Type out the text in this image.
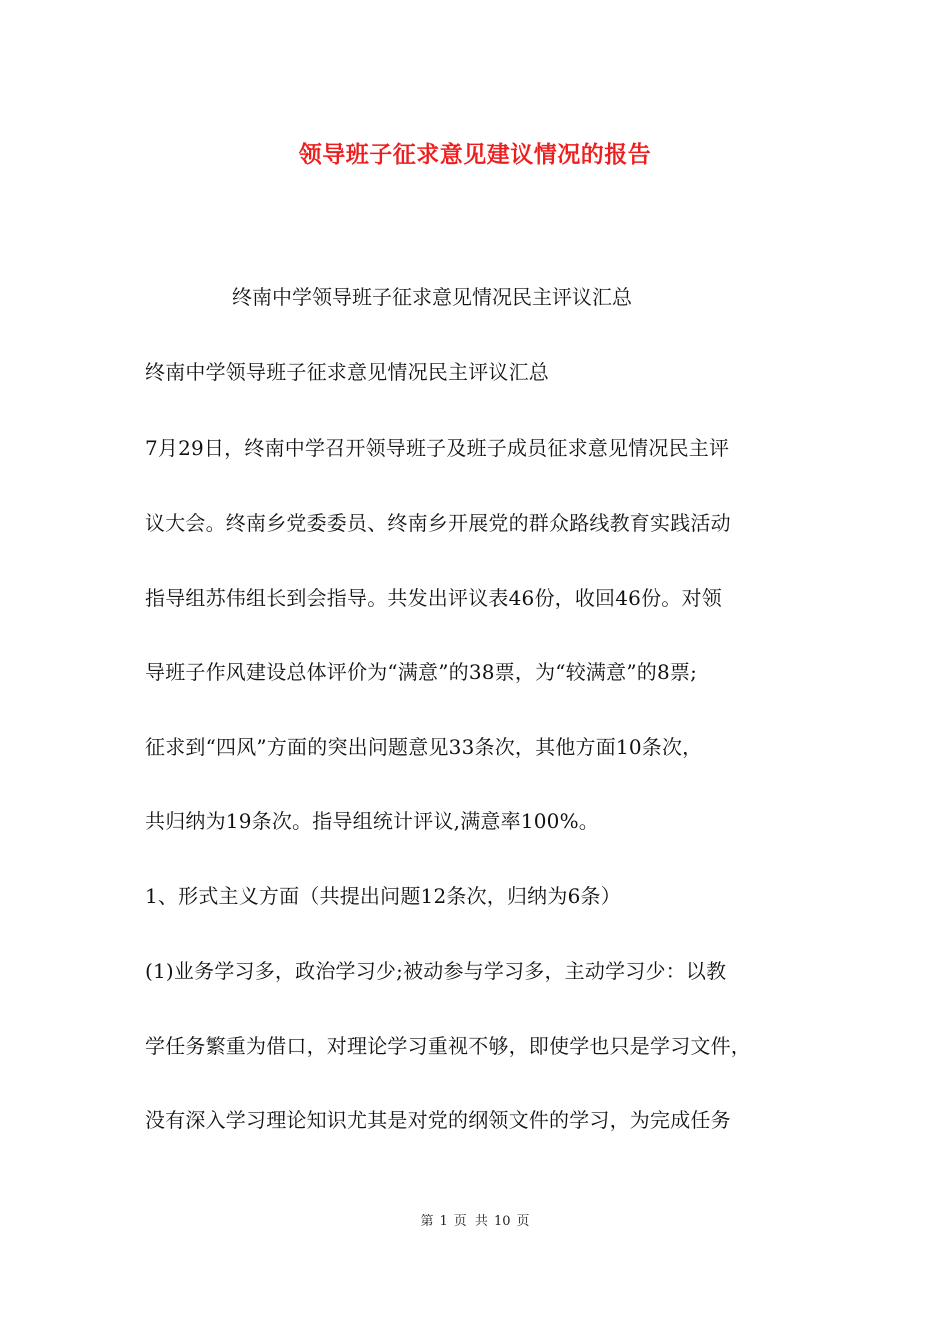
领导班子征求意见建议情况的报告
终南中学领导班子征求意见情况民主评议汇总
终南中学领导班子征求意见情况民主评议汇总
7月29日，终南中学召开领导班子及班子成员征求意见情况民主评
议大会。终南乡党委委员、终南乡开展党的群众路线教育实践活动
指导组苏伟组长到会指导。共发出评议表46份，收回46份。对领
导班子作风建设总体评价为“满意”的38票，为“较满意”的8票;
征求到“四风”方面的突出问题意见33条次，其他方面10条次，
共归纳为19条次。指导组统计评议,满意率100%。
1、形式主义方面（共提出问题12条次，归纳为6条）
(1)业务学习多，政治学习少;被动参与学习多，主动学习少：以教
学任务繁重为借口，对理论学习重视不够，即使学也只是学习文件，
没有深入学习理论知识尤其是对党的纲领文件的学习，为完成任务
第 1 页 共 10 页
